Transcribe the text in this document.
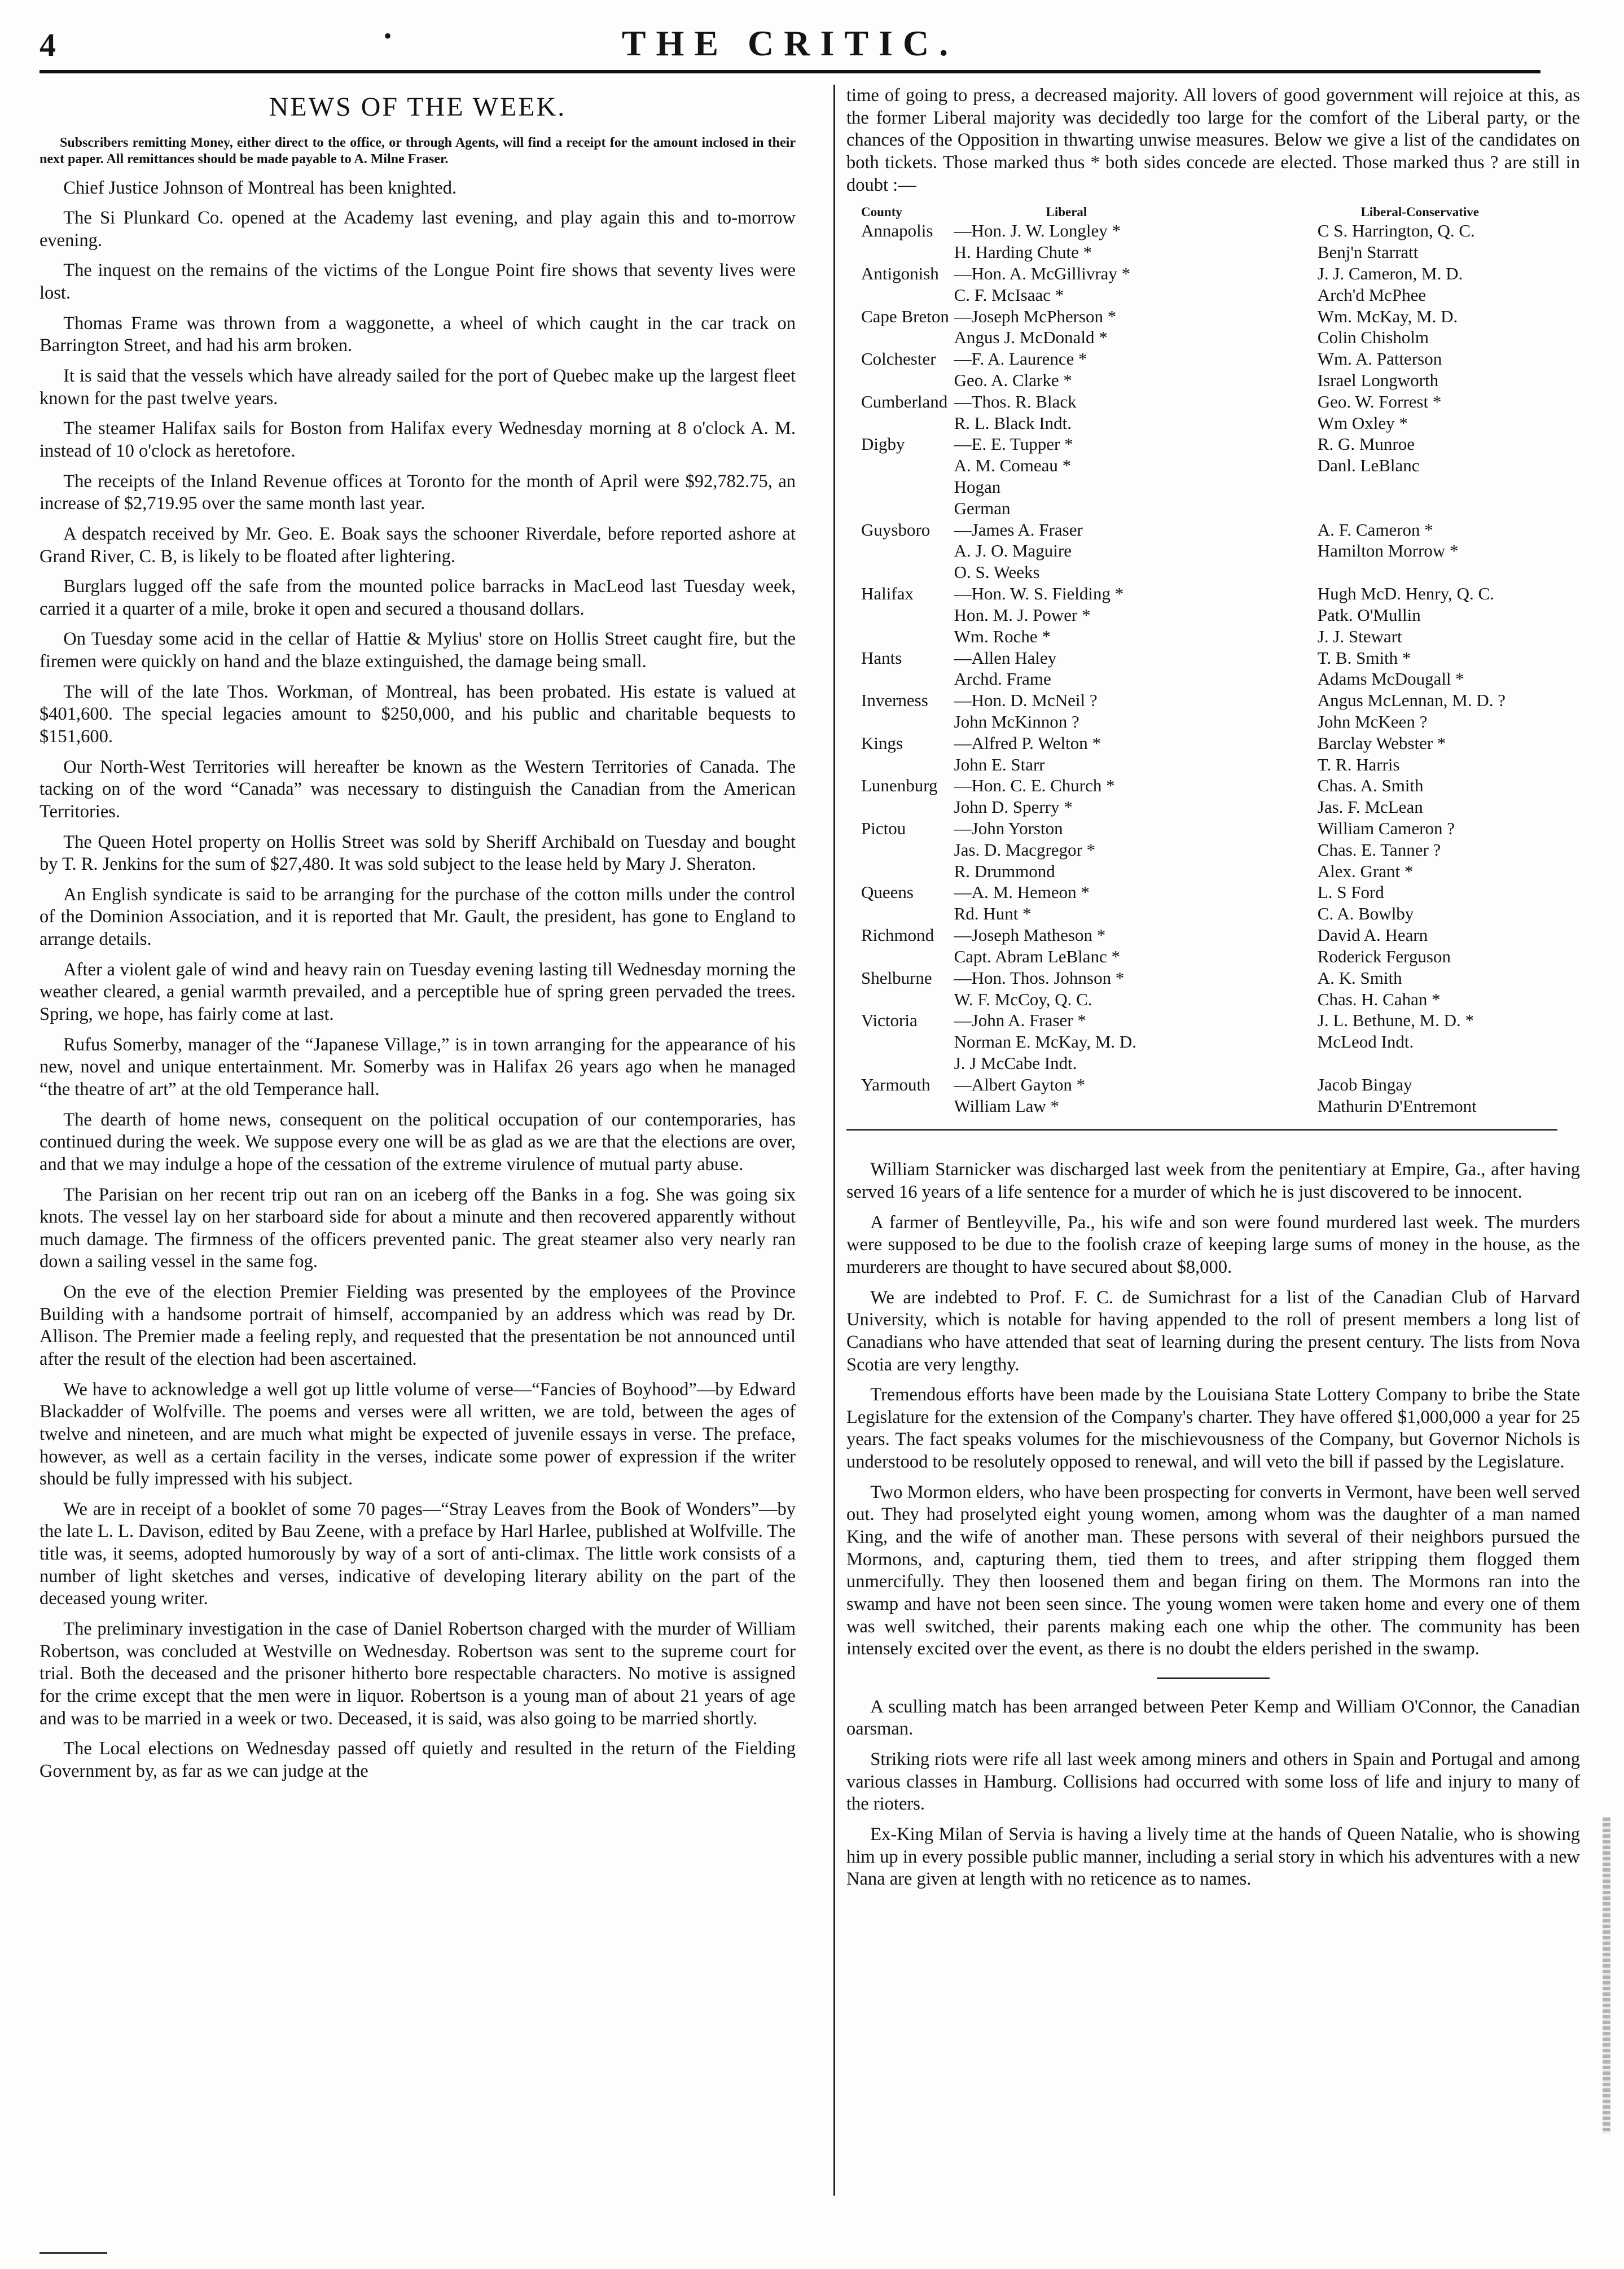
4	•	THE CRITIC.
NEWS OF THE WEEK.

Subscribers remitting Money, either direct to the office, or through Agents, will find a receipt for the amount inclosed in their next paper. All remittances should be made payable to A. Milne Fraser.

Chief Justice Johnson of Montreal has been knighted.

The Si Plunkard Co. opened at the Academy last evening, and play again this and to-morrow evening.

The inquest on the remains of the victims of the Longue Point fire shows that seventy lives were lost.

Thomas Frame was thrown from a waggonette, a wheel of which caught in the car track on Barrington Street, and had his arm broken.

It is said that the vessels which have already sailed for the port of Quebec make up the largest fleet known for the past twelve years.

The steamer Halifax sails for Boston from Halifax every Wednesday morning at 8 o'clock A. M. instead of 10 o'clock as heretofore.

The receipts of the Inland Revenue offices at Toronto for the month of April were $92,782.75, an increase of $2,719.95 over the same month last year.

A despatch received by Mr. Geo. E. Boak says the schooner Riverdale, before reported ashore at Grand River, C. B, is likely to be floated after lightering.

Burglars lugged off the safe from the mounted police barracks in MacLeod last Tuesday week, carried it a quarter of a mile, broke it open and secured a thousand dollars.

On Tuesday some acid in the cellar of Hattie & Mylius' store on Hollis Street caught fire, but the firemen were quickly on hand and the blaze extinguished, the damage being small.

The will of the late Thos. Workman, of Montreal, has been probated. His estate is valued at $401,600. The special legacies amount to $250,000, and his public and charitable bequests to $151,600.

Our North-West Territories will hereafter be known as the Western Territories of Canada. The tacking on of the word “Canada” was necessary to distinguish the Canadian from the American Territories.

The Queen Hotel property on Hollis Street was sold by Sheriff Archibald on Tuesday and bought by T. R. Jenkins for the sum of $27,480. It was sold subject to the lease held by Mary J. Sheraton.

An English syndicate is said to be arranging for the purchase of the cotton mills under the control of the Dominion Association, and it is reported that Mr. Gault, the president, has gone to England to arrange details.

After a violent gale of wind and heavy rain on Tuesday evening lasting till Wednesday morning the weather cleared, a genial warmth prevailed, and a perceptible hue of spring green pervaded the trees. Spring, we hope, has fairly come at last.

Rufus Somerby, manager of the “Japanese Village,” is in town arranging for the appearance of his new, novel and unique entertainment. Mr. Somerby was in Halifax 26 years ago when he managed “the theatre of art” at the old Temperance hall.

The dearth of home news, consequent on the political occupation of our contemporaries, has continued during the week. We suppose every one will be as glad as we are that the elections are over, and that we may indulge a hope of the cessation of the extreme virulence of mutual party abuse.

The Parisian on her recent trip out ran on an iceberg off the Banks in a fog. She was going six knots. The vessel lay on her starboard side for about a minute and then recovered apparently without much damage. The firmness of the officers prevented panic. The great steamer also very nearly ran down a sailing vessel in the same fog.

On the eve of the election Premier Fielding was presented by the employees of the Province Building with a handsome portrait of himself, accompanied by an address which was read by Dr. Allison. The Premier made a feeling reply, and requested that the presentation be not announced until after the result of the election had been ascertained.

We have to acknowledge a well got up little volume of verse—“Fancies of Boyhood”—by Edward Blackadder of Wolfville. The poems and verses were all written, we are told, between the ages of twelve and nineteen, and are much what might be expected of juvenile essays in verse. The preface, however, as well as a certain facility in the verses, indicate some power of expression if the writer should be fully impressed with his subject.

We are in receipt of a booklet of some 70 pages—“Stray Leaves from the Book of Wonders”—by the late L. L. Davison, edited by Bau Zeene, with a preface by Harl Harlee, published at Wolfville. The title was, it seems, adopted humorously by way of a sort of anti-climax. The little work consists of a number of light sketches and verses, indicative of developing literary ability on the part of the deceased young writer.

The preliminary investigation in the case of Daniel Robertson charged with the murder of William Robertson, was concluded at Westville on Wednesday. Robertson was sent to the supreme court for trial. Both the deceased and the prisoner hitherto bore respectable characters. No motive is assigned for the crime except that the men were in liquor. Robertson is a young man of about 21 years of age and was to be married in a week or two. Deceased, it is said, was also going to be married shortly.

The Local elections on Wednesday passed off quietly and resulted in the return of the Fielding Government by, as far as we can judge at the

time of going to press, a decreased majority. All lovers of good government will rejoice at this, as the former Liberal majority was decidedly too large for the comfort of the Liberal party, or the chances of the Opposition in thwarting unwise measures. Below we give a list of the candidates on both tickets. Those marked thus * both sides concede are elected. Those marked thus ? are still in doubt :—

County	Liberal	Liberal-Conservative
Annapolis	—Hon. J. W. Longley *	C S. Harrington, Q. C.
H. Harding Chute *	Benj'n Starratt
Antigonish —Hon. A. McGillivray *	J. J. Cameron, M. D.
C. F. McIsaac *	Arch'd McPhee
Cape Breton —Joseph McPherson *	Wm. McKay, M. D.
Angus J. McDonald *	Colin Chisholm
Colchester	—F. A. Laurence *	Wm. A. Patterson
Geo. A. Clarke *	Israel Longworth
Cumberland —Thos. R. Black	Geo. W. Forrest *
R. L. Black Indt.	Wm Oxley *
Digby	—E. E. Tupper *	R. G. Munroe
A. M. Comeau *	Danl. LeBlanc
Hogan
German
Guysboro	—James A. Fraser	A. F. Cameron *
A. J. O. Maguire	Hamilton Morrow *
O. S. Weeks
Halifax	—Hon. W. S. Fielding *	Hugh McD. Henry, Q. C.
Hon. M. J. Power *	Patk. O'Mullin
Wm. Roche *	J. J. Stewart
Hants	—Allen Haley	T. B. Smith *
Archd. Frame	Adams McDougall *
Inverness	—Hon. D. McNeil ?	Angus McLennan, M. D. ?
John McKinnon ?	John McKeen ?
Kings	—Alfred P. Welton *	Barclay Webster *
John E. Starr	T. R. Harris
Lunenburg —Hon. C. E. Church *	Chas. A. Smith
John D. Sperry *	Jas. F. McLean
Pictou	—John Yorston	William Cameron ?
Jas. D. Macgregor *	Chas. E. Tanner ?
R. Drummond	Alex. Grant *
Queens	—A. M. Hemeon *	L. S Ford
Rd. Hunt *	C. A. Bowlby
Richmond	—Joseph Matheson *	David A. Hearn
Capt. Abram LeBlanc *	Roderick Ferguson
Shelburne	—Hon. Thos. Johnson *	A. K. Smith
W. F. McCoy, Q. C.	Chas. H. Cahan *
Victoria	—John A. Fraser *	J. L. Bethune, M. D. *
Norman E. McKay, M. D.	McLeod Indt.
J. J McCabe Indt.
Yarmouth	—Albert Gayton *	Jacob Bingay
William Law *	Mathurin D'Entremont

William Starnicker was discharged last week from the penitentiary at Empire, Ga., after having served 16 years of a life sentence for a murder of which he is just discovered to be innocent.

A farmer of Bentleyville, Pa., his wife and son were found murdered last week. The murders were supposed to be due to the foolish craze of keeping large sums of money in the house, as the murderers are thought to have secured about $8,000.

We are indebted to Prof. F. C. de Sumichrast for a list of the Canadian Club of Harvard University, which is notable for having appended to the roll of present members a long list of Canadians who have attended that seat of learning during the present century. The lists from Nova Scotia are very lengthy.

Tremendous efforts have been made by the Louisiana State Lottery Company to bribe the State Legislature for the extension of the Company's charter. They have offered $1,000,000 a year for 25 years. The fact speaks volumes for the mischievousness of the Company, but Governor Nichols is understood to be resolutely opposed to renewal, and will veto the bill if passed by the Legislature.

Two Mormon elders, who have been prospecting for converts in Vermont, have been well served out. They had proselyted eight young women, among whom was the daughter of a man named King, and the wife of another man. These persons with several of their neighbors pursued the Mormons, and, capturing them, tied them to trees, and after stripping them flogged them unmercifully. They then loosened them and began firing on them. The Mormons ran into the swamp and have not been seen since. The young women were taken home and every one of them was well switched, their parents making each one whip the other. The community has been intensely excited over the event, as there is no doubt the elders perished in the swamp.

A sculling match has been arranged between Peter Kemp and William O'Connor, the Canadian oarsman.

Striking riots were rife all last week among miners and others in Spain and Portugal and among various classes in Hamburg. Collisions had occurred with some loss of life and injury to many of the rioters.

Ex-King Milan of Servia is having a lively time at the hands of Queen Natalie, who is showing him up in every possible public manner, including a serial story in which his adventures with a new Nana are given at length with no reticence as to names.
